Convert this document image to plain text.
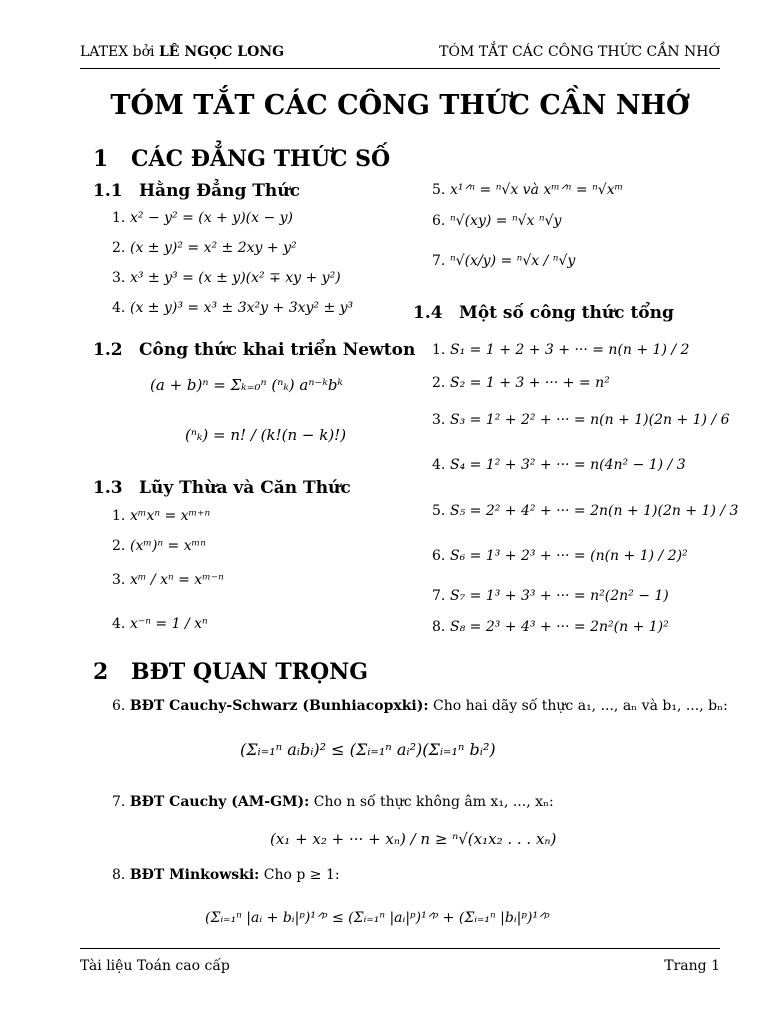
LATEX bởi LÊ NGỌC LONG	TÓM TẮT CÁC CÔNG THỨC CẦN NHỚ
TÓM TẮT CÁC CÔNG THỨC CẦN NHỚ
1 CÁC ĐẲNG THỨC SỐ
1.1 Hằng Đẳng Thức
1. x² − y² = (x + y)(x − y)
2. (x ± y)² = x² ± 2xy + y²
3. x³ ± y³ = (x ± y)(x² ∓ xy + y²)
4. (x ± y)³ = x³ ± 3x²y + 3xy² ± y³
1.2 Công thức khai triển Newton
(a + b)ⁿ = Σₖ₌₀ⁿ (ⁿₖ) aⁿ⁻ᵏbᵏ
(ⁿₖ) = n! / (k!(n − k)!)
1.3 Lũy Thừa và Căn Thức
1. xᵐxⁿ = xᵐ⁺ⁿ
2. (xᵐ)ⁿ = xᵐⁿ
3. xᵐ / xⁿ = xᵐ⁻ⁿ
4. x⁻ⁿ = 1 / xⁿ
5. x¹ᐟⁿ = ⁿ√x và xᵐᐟⁿ = ⁿ√xᵐ
6. ⁿ√(xy) = ⁿ√x ⁿ√y
7. ⁿ√(x/y) = ⁿ√x / ⁿ√y
1.4 Một số công thức tổng
1. S₁ = 1 + 2 + 3 + ··· = n(n + 1) / 2
2. S₂ = 1 + 3 + ··· + = n²
3. S₃ = 1² + 2² + ··· = n(n + 1)(2n + 1) / 6
4. S₄ = 1² + 3² + ··· = n(4n² − 1) / 3
5. S₅ = 2² + 4² + ··· = 2n(n + 1)(2n + 1) / 3
6. S₆ = 1³ + 2³ + ··· = (n(n + 1) / 2)²
7. S₇ = 1³ + 3³ + ··· = n²(2n² − 1)
8. S₈ = 2³ + 4³ + ··· = 2n²(n + 1)²
2 BĐT QUAN TRỌNG
6. BĐT Cauchy-Schwarz (Bunhiacopxki): Cho hai dãy số thực a₁, ..., aₙ và b₁, ..., bₙ:
(Σᵢ₌₁ⁿ aᵢbᵢ)² ≤ (Σᵢ₌₁ⁿ aᵢ²)(Σᵢ₌₁ⁿ bᵢ²)
7. BĐT Cauchy (AM-GM): Cho n số thực không âm x₁, ..., xₙ:
(x₁ + x₂ + ··· + xₙ) / n ≥ ⁿ√(x₁x₂ . . . xₙ)
8. BĐT Minkowski: Cho p ≥ 1:
(Σᵢ₌₁ⁿ |aᵢ + bᵢ|ᵖ)¹ᐟᵖ ≤ (Σᵢ₌₁ⁿ |aᵢ|ᵖ)¹ᐟᵖ + (Σᵢ₌₁ⁿ |bᵢ|ᵖ)¹ᐟᵖ
Tài liệu Toán cao cấp	Trang 1
